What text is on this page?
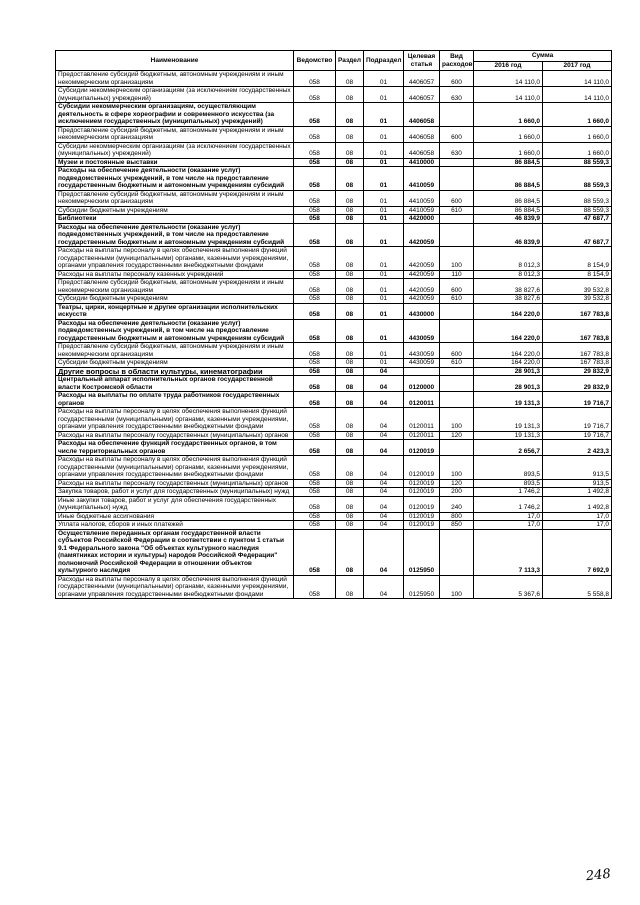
Наименование	Ведомство	Раздел	Подраздел	Целевая статья	Вид расходов	Сумма	
						2016 год	2017 год
Предоставление субсидий бюджетным, автономным учреждениям и иным некоммерческим организациям	058	08	01	4406057	600	14 110,0	14 110,0
Субсидии некоммерческим организациям (за исключением государственных (муниципальных) учреждений)	058	08	01	4406057	630	14 110,0	14 110,0
Субсидии некоммерческим организациям, осуществляющим деятельность в сфере хореографии и современного искусства (за исключением государственных (муниципальных) учреждений)	058	08	01	4406058		1 660,0	1 660,0
Предоставление субсидий бюджетным, автономным учреждениям и иным некоммерческим организациям	058	08	01	4406058	600	1 660,0	1 660,0
Субсидии некоммерческим организациям (за исключением государственных (муниципальных) учреждений)	058	08	01	4406058	630	1 660,0	1 660,0
Музеи и постоянные выставки	058	08	01	4410000		86 884,5	88 559,3
Расходы на обеспечение деятельности (оказание услуг) подведомственных учреждений, в том числе на предоставление государственным бюджетным и автономным учреждениям субсидий	058	08	01	4410059		86 884,5	88 559,3
Предоставление субсидий бюджетным, автономным учреждениям и иным некоммерческим организациям	058	08	01	4410059	600	86 884,5	88 559,3
Субсидии бюджетным учреждениям	058	08	01	4410059	610	86 884,5	88 559,3
Библиотеки	058	08	01	4420000		46 839,9	47 687,7
Расходы на обеспечение деятельности (оказание услуг) подведомственных учреждений, в том числе на предоставление государственным бюджетным и автономным учреждениям субсидий	058	08	01	4420059		46 839,9	47 687,7
Расходы на выплаты персоналу в целях обеспечения выполнения функций государственными (муниципальными) органами, казенными учреждениями, органами управления государственными внебюджетными фондами	058	08	01	4420059	100	8 012,3	8 154,9
Расходы на выплаты персоналу казенных учреждений	058	08	01	4420059	110	8 012,3	8 154,9
Предоставление субсидий бюджетным, автономным учреждениям и иным некоммерческим организациям	058	08	01	4420059	600	38 827,6	39 532,8
Субсидии бюджетным учреждениям	058	08	01	4420059	610	38 827,6	39 532,8
Театры, цирки, концертные и другие организации исполнительских искусств	058	08	01	4430000		164 220,0	167 783,8
Расходы на обеспечение деятельности (оказание услуг) подведомственных учреждений, в том числе на предоставление государственным бюджетным и автономным учреждениям субсидий	058	08	01	4430059		164 220,0	167 783,8
Предоставление субсидий бюджетным, автономным учреждениям и иным некоммерческим организациям	058	08	01	4430059	600	164 220,0	167 783,8
Субсидии бюджетным учреждениям	058	08	01	4430059	610	164 220,0	167 783,8
Другие вопросы в области культуры, кинематографии	058	08	04			28 901,3	29 832,9
Центральный аппарат исполнительных органов государственной власти Костромской области	058	08	04	0120000		28 901,3	29 832,9
Расходы на выплаты по оплате труда работников государственных органов	058	08	04	0120011		19 131,3	19 716,7
Расходы на выплаты персоналу в целях обеспечения выполнения функций государственными (муниципальными) органами, казенными учреждениями, органами управления государственными внебюджетными фондами	058	08	04	0120011	100	19 131,3	19 716,7
Расходы на выплаты персоналу государственных (муниципальных) органов	058	08	04	0120011	120	19 131,3	19 716,7
Расходы на обеспечение функций государственных органов, в том числе территориальных органов	058	08	04	0120019		2 656,7	2 423,3
Расходы на выплаты персоналу в целях обеспечения выполнения функций государственными (муниципальными) органами, казенными учреждениями, органами управления государственными внебюджетными фондами	058	08	04	0120019	100	893,5	913,5
Расходы на выплаты персоналу государственных (муниципальных) органов	058	08	04	0120019	120	893,5	913,5
Закупка товаров, работ и услуг для государственных (муниципальных) нужд	058	08	04	0120019	200	1 746,2	1 492,8
Иные закупки товаров, работ и услуг для обеспечения государственных (муниципальных) нужд	058	08	04	0120019	240	1 746,2	1 492,8
Иные бюджетные ассигнования	058	08	04	0120019	800	17,0	17,0
Уплата налогов, сборов и иных платежей	058	08	04	0120019	850	17,0	17,0
Осуществление переданных органам государственной власти субъектов Российской Федерации в соответствии с пунктом 1 статьи 9.1 Федерального закона "Об объектах культурного наследия (памятниках истории и культуры) народов Российской Федерации" полномочий Российской Федерации в отношении объектов культурного наследия	058	08	04	0125950		7 113,3	7 692,9
Расходы на выплаты персоналу в целях обеспечения выполнения функций государственными (муниципальными) органами, казенными учреждениями, органами управления государственными внебюджетными фондами	058	08	04	0125950	100	5 367,6	5 558,8
248
